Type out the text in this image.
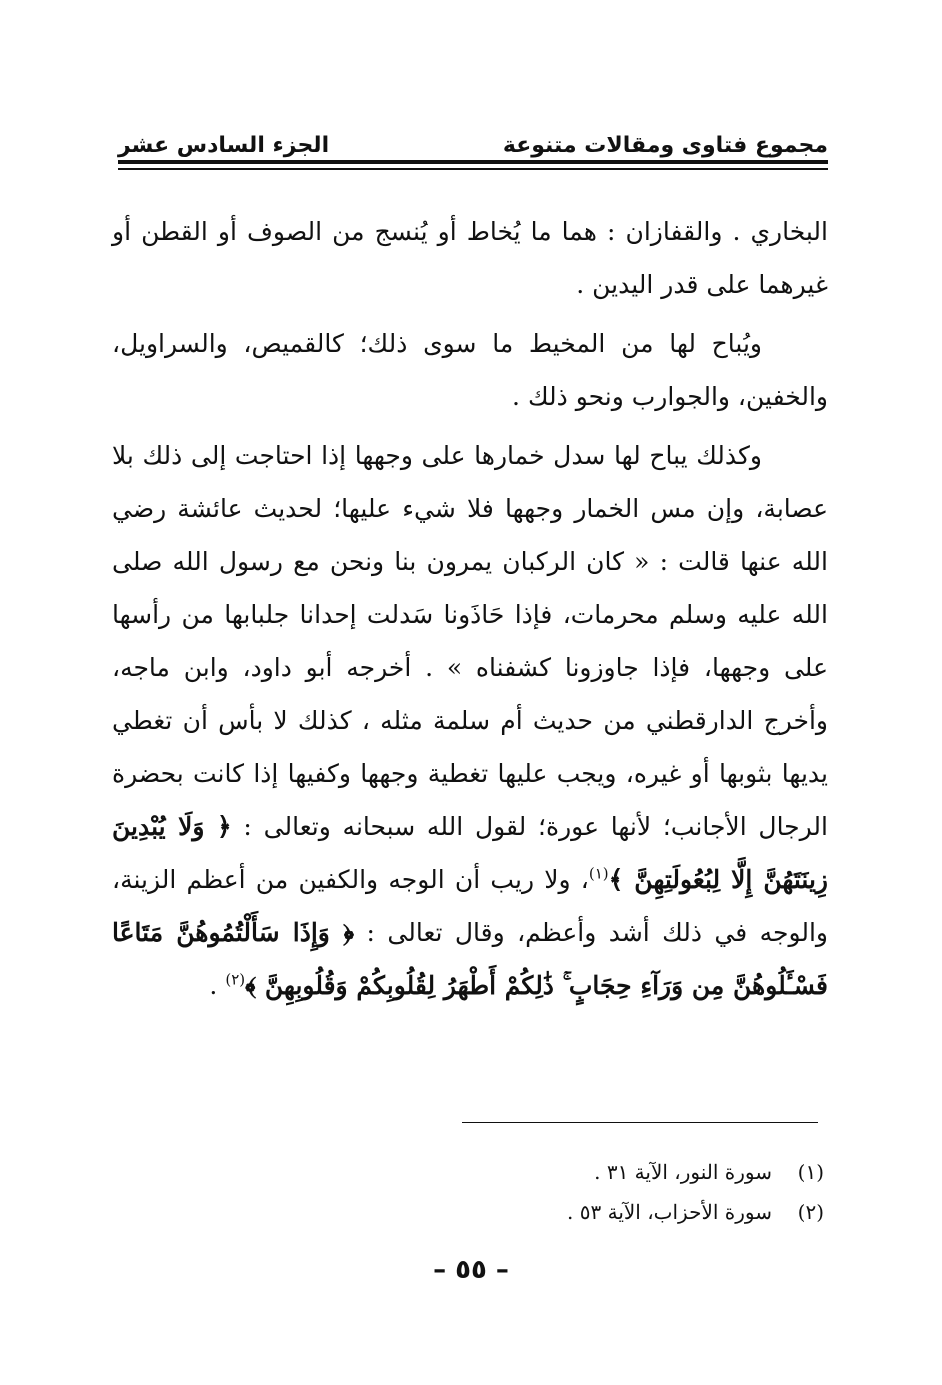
مجموع فتاوى ومقالات متنوعة
الجزء السادس عشر

البخاري . والقفازان : هما ما يُخاط أو يُنسج من الصوف أو القطن أو غيرهما على قدر اليدين .

ويُباح لها من المخيط ما سوى ذلك؛ كالقميص، والسراويل، والخفين، والجوارب ونحو ذلك .

وكذلك يباح لها سدل خمارها على وجهها إذا احتاجت إلى ذلك بلا عصابة، وإن مس الخمار وجهها فلا شيء عليها؛ لحديث عائشة رضي الله عنها قالت : « كان الركبان يمرون بنا ونحن مع رسول الله صلى الله عليه وسلم محرمات، فإذا حَاذَونا سَدلت إحدانا جلبابها من رأسها على وجهها، فإذا جاوزونا كشفناه » . أخرجه أبو داود، وابن ماجه، وأخرج الدارقطني من حديث أم سلمة مثله ، كذلك لا بأس أن تغطي يديها بثوبها أو غيره، ويجب عليها تغطية وجهها وكفيها إذا كانت بحضرة الرجال الأجانب؛ لأنها عورة؛ لقول الله سبحانه وتعالى : ﴿ وَلَا يُبْدِينَ زِينَتَهُنَّ إِلَّا لِبُعُولَتِهِنَّ ﴾$^{(١)}$، ولا ريب أن الوجه والكفين من أعظم الزينة، والوجه في ذلك أشد وأعظم، وقال تعالى : ﴿ وَإِذَا سَأَلْتُمُوهُنَّ مَتَاعًا فَسْـَٔلُوهُنَّ مِن وَرَآءِ حِجَابٍ ۚ ذَٰلِكُمْ أَطْهَرُ لِقُلُوبِكُمْ وَقُلُوبِهِنَّ ﴾$^{(٢)}$ .

(١)
سورة النور، الآية ٣١ .
(٢)
سورة الأحزاب، الآية ٥٣ .
– ٥٥ –
